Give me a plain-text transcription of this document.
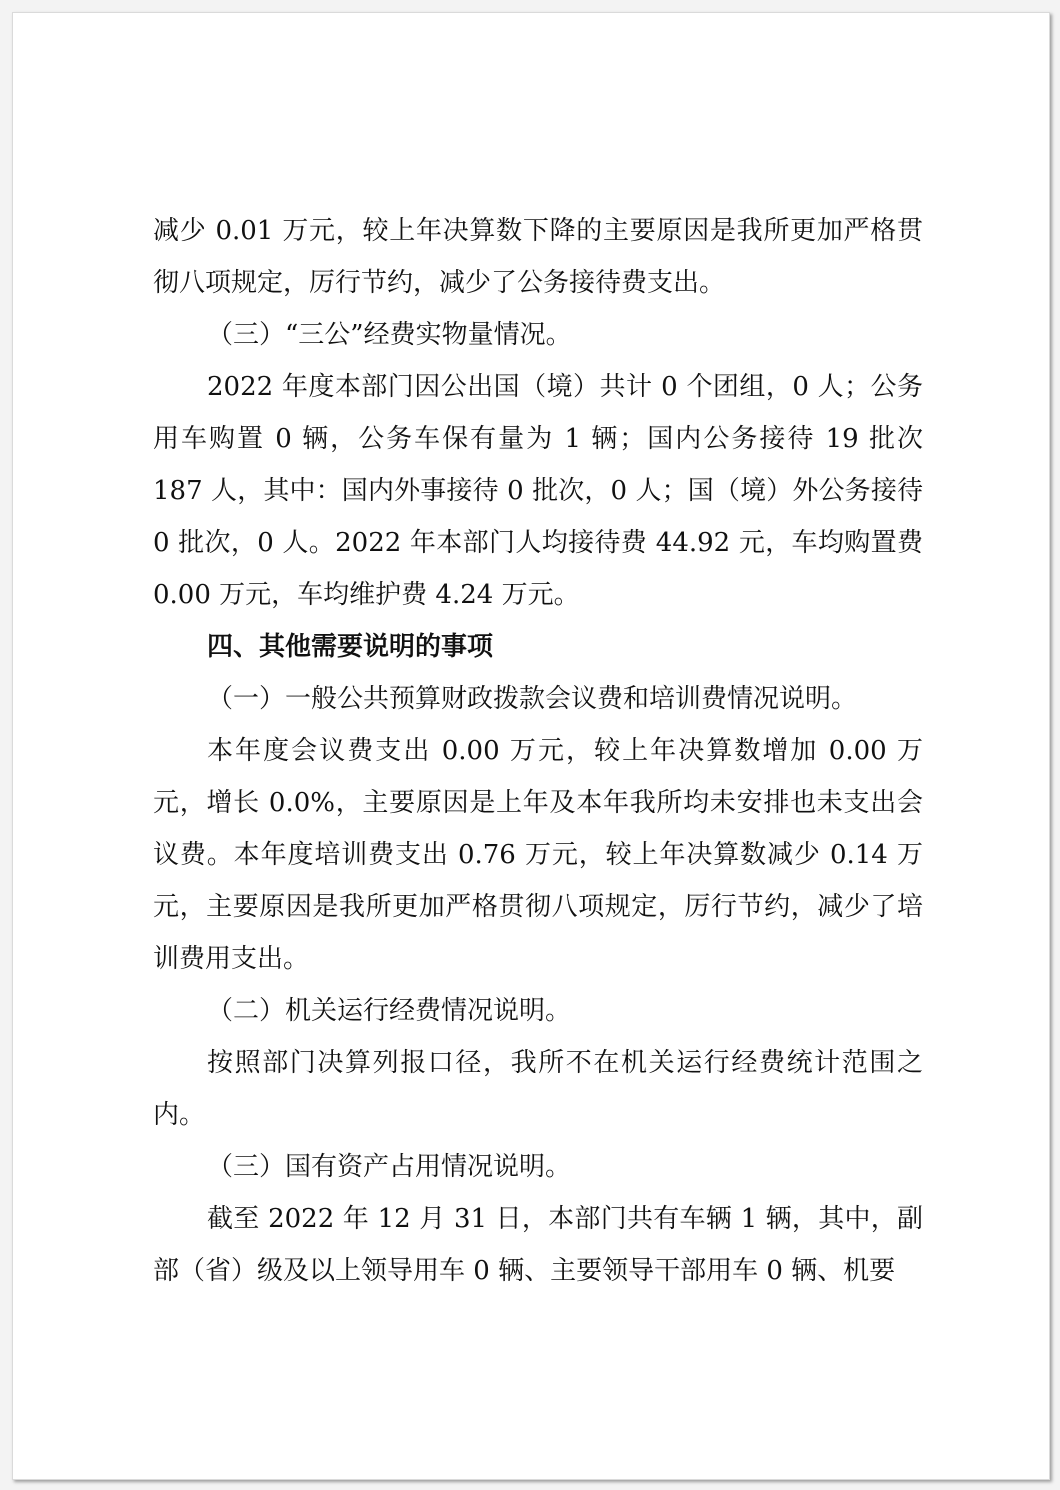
减少 0.01 万元，较上年决算数下降的主要原因是我所更加严格贯彻八项规定，厉行节约，减少了公务接待费支出。

（三）“三公”经费实物量情况。

2022 年度本部门因公出国（境）共计 0 个团组，0 人；公务用车购置 0 辆，公务车保有量为 1 辆；国内公务接待 19 批次 187 人，其中：国内外事接待 0 批次，0 人；国（境）外公务接待 0 批次，0 人。2022 年本部门人均接待费 44.92 元，车均购置费 0.00 万元，车均维护费 4.24 万元。

四、其他需要说明的事项

（一）一般公共预算财政拨款会议费和培训费情况说明。

本年度会议费支出 0.00 万元，较上年决算数增加 0.00 万元，增长 0.0%，主要原因是上年及本年我所均未安排也未支出会议费。本年度培训费支出 0.76 万元，较上年决算数减少 0.14 万元，主要原因是我所更加严格贯彻八项规定，厉行节约，减少了培训费用支出。

（二）机关运行经费情况说明。

按照部门决算列报口径，我所不在机关运行经费统计范围之内。

（三）国有资产占用情况说明。

截至 2022 年 12 月 31 日，本部门共有车辆 1 辆，其中，副部（省）级及以上领导用车 0 辆、主要领导干部用车 0 辆、机要
